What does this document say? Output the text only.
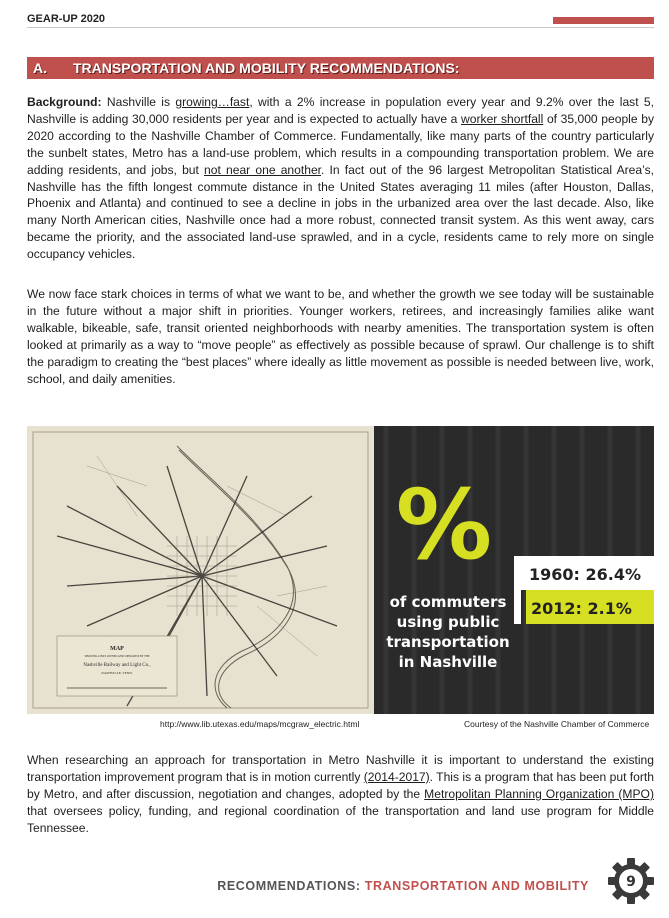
GEAR-UP 2020
A. TRANSPORTATION AND MOBILITY RECOMMENDATIONS:
Background: Nashville is growing…fast, with a 2% increase in population every year and 9.2% over the last 5, Nashville is adding 30,000 residents per year and is expected to actually have a worker shortfall of 35,000 people by 2020 according to the Nashville Chamber of Commerce. Fundamentally, like many parts of the country particularly the sunbelt states, Metro has a land-use problem, which results in a compounding transportation problem. We are adding residents, and jobs, but not near one another. In fact out of the 96 largest Metropolitan Statistical Area’s, Nashville has the fifth longest commute distance in the United States averaging 11 miles (after Houston, Dallas, Phoenix and Atlanta) and continued to see a decline in jobs in the urbanized area over the last decade. Also, like many North American cities, Nashville once had a more robust, connected transit system. As this went away, cars became the priority, and the associated land-use sprawled, and in a cycle, residents came to rely more on single occupancy vehicles.
We now face stark choices in terms of what we want to be, and whether the growth we see today will be sustainable in the future without a major shift in priorities. Younger workers, retirees, and increasingly families alike want walkable, bikeable, safe, transit oriented neighborhoods with nearby amenities. The transportation system is often looked at primarily as a way to “move people” as effectively as possible because of sprawl. Our challenge is to shift the paradigm to creating the “best places” where ideally as little movement as possible is needed between live, work, school, and daily amenities.
MAP
SHOWING LINES OWNED AND OPERATED BY THE
Nashville Railway and Light Co.,
NASHVILLE, TENN.
% 1960: 26.4%
2012: 2.1%
of commuters
using public
transportation
in Nashville
http://www.lib.utexas.edu/maps/mcgraw_electric.html	Courtesy of the Nashville Chamber of Commerce
When researching an approach for transportation in Metro Nashville it is important to understand the existing transportation improvement program that is in motion currently (2014-2017). This is a program that has been put forth by Metro, and after discussion, negotiation and changes, adopted by the Metropolitan Planning Organization (MPO) that oversees policy, funding, and regional coordination of the transportation and land use program for Middle Tennessee.
RECOMMENDATIONS: TRANSPORTATION AND MOBILITY	9
